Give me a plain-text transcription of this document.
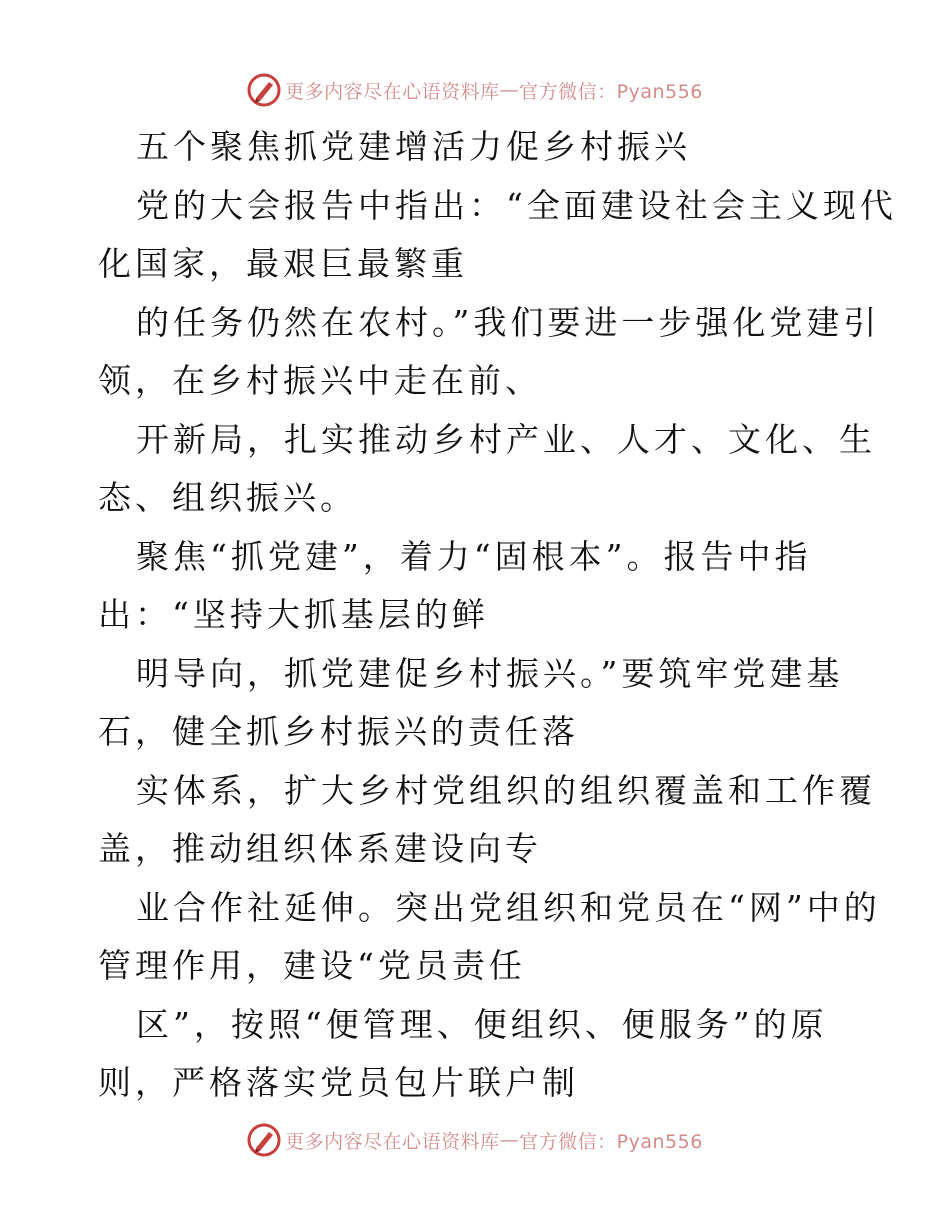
更多内容尽在心语资料库 — 官方微信：Pyan556
五个聚焦抓党建增活力促乡村振兴
党的大会报告中指出：“全面建设社会主义现代
化国家，最艰巨最繁重
的任务仍然在农村。”我们要进一步强化党建引
领，在乡村振兴中走在前、
开新局，扎实推动乡村产业、人才、文化、生
态、组织振兴。
聚焦“抓党建”，着力“固根本”。报告中指
出：“坚持大抓基层的鲜
明导向，抓党建促乡村振兴。”要筑牢党建基
石，健全抓乡村振兴的责任落
实体系，扩大乡村党组织的组织覆盖和工作覆
盖，推动组织体系建设向专
业合作社延伸。突出党组织和党员在“网”中的
管理作用，建设“党员责任
区”，按照“便管理、便组织、便服务”的原
则，严格落实党员包片联户制
更多内容尽在心语资料库 — 官方微信：Pyan556
